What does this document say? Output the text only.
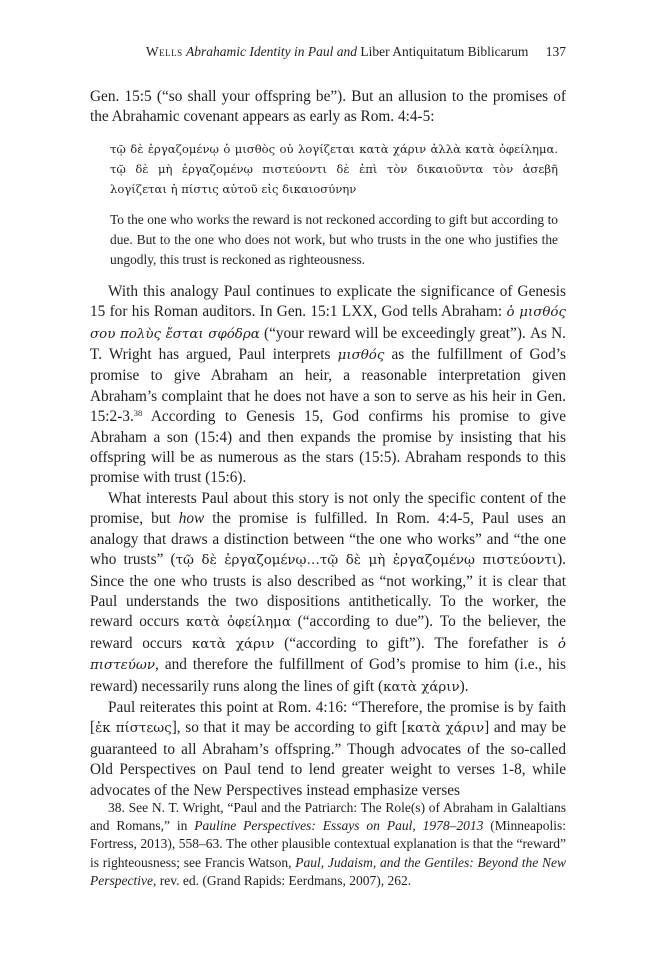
Wells Abrahamic Identity in Paul and Liber Antiquitatum Biblicarum 137

Gen. 15:5 (“so shall your offspring be”). But an allusion to the promises of the Abrahamic covenant appears as early as Rom. 4:4-5:

τῷ δὲ ἐργαζομένῳ ὁ μισθὸς οὐ λογίζεται κατὰ χάριν ἀλλὰ κατὰ ὀφείλημα. τῷ δὲ μὴ ἐργαζομένῳ πιστεύοντι δὲ ἐπὶ τὸν δικαιοῦντα τὸν ἀσεβῆ λογίζεται ἡ πίστις αὐτοῦ εἰς δικαιοσύνην
To the one who works the reward is not reckoned according to gift but according to due. But to the one who does not work, but who trusts in the one who justifies the ungodly, this trust is reckoned as righteousness.

With this analogy Paul continues to explicate the significance of Genesis 15 for his Roman auditors. In Gen. 15:1 LXX, God tells Abraham: ὁ μισθός σου πολὺς ἔσται σφόδρα (“your reward will be exceedingly great”). As N. T. Wright has argued, Paul interprets μισθός as the fulfillment of God’s promise to give Abraham an heir, a reasonable interpretation given Abraham’s complaint that he does not have a son to serve as his heir in Gen. 15:2-3.38 According to Genesis 15, God confirms his promise to give Abraham a son (15:4) and then expands the promise by insisting that his offspring will be as numerous as the stars (15:5). Abraham responds to this promise with trust (15:6).

What interests Paul about this story is not only the specific content of the promise, but how the promise is fulfilled. In Rom. 4:4-5, Paul uses an analogy that draws a distinction between “the one who works” and “the one who trusts” (τῷ δὲ ἐργαζομένῳ…τῷ δὲ μὴ ἐργαζομένῳ πιστεύοντι). Since the one who trusts is also described as “not working,” it is clear that Paul understands the two dispositions antithetically. To the worker, the reward occurs κατὰ ὀφείλημα (“according to due”). To the believer, the reward occurs κατὰ χάριν (“according to gift”). The forefather is ὁ πιστεύων, and therefore the fulfillment of God’s promise to him (i.e., his reward) necessarily runs along the lines of gift (κατὰ χάριν).

Paul reiterates this point at Rom. 4:16: “Therefore, the promise is by faith [ἐκ πίστεως], so that it may be according to gift [κατὰ χάριν] and may be guaranteed to all Abraham’s offspring.” Though advocates of the so-called Old Perspectives on Paul tend to lend greater weight to verses 1-8, while advocates of the New Perspectives instead emphasize verses

38. See N. T. Wright, “Paul and the Patriarch: The Role(s) of Abraham in Galaltians and Romans,” in Pauline Perspectives: Essays on Paul, 1978–2013 (Minneapolis: Fortress, 2013), 558–63. The other plausible contextual explanation is that the “reward” is righteousness; see Francis Watson, Paul, Judaism, and the Gentiles: Beyond the New Perspective, rev. ed. (Grand Rapids: Eerdmans, 2007), 262.
